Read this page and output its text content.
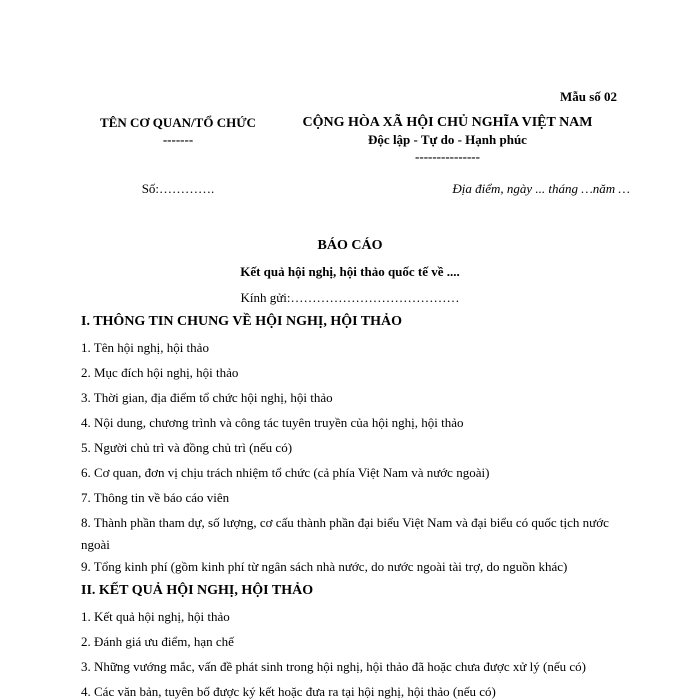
Mẫu số 02
TÊN CƠ QUAN/TỔ CHỨC
-------
CỘNG HÒA XÃ HỘI CHỦ NGHĨA VIỆT NAM
Độc lập - Tự do - Hạnh phúc
---------------
Số:………….	Địa điểm, ngày ... tháng …năm …
BÁO CÁO
Kết quả hội nghị, hội thảo quốc tế về ....
Kính gửi:…………………………………
I. THÔNG TIN CHUNG VỀ HỘI NGHỊ, HỘI THẢO
1. Tên hội nghị, hội thảo
2. Mục đích hội nghị, hội thảo
3. Thời gian, địa điểm tổ chức hội nghị, hội thảo
4. Nội dung, chương trình và công tác tuyên truyền của hội nghị, hội thảo
5. Người chủ trì và đồng chủ trì (nếu có)
6. Cơ quan, đơn vị chịu trách nhiệm tổ chức (cả phía Việt Nam và nước ngoài)
7. Thông tin về báo cáo viên
8. Thành phần tham dự, số lượng, cơ cấu thành phần đại biểu Việt Nam và đại biểu có quốc tịch nước ngoài
9. Tổng kinh phí (gồm kinh phí từ ngân sách nhà nước, do nước ngoài tài trợ, do nguồn khác)
II. KẾT QUẢ HỘI NGHỊ, HỘI THẢO
1. Kết quả hội nghị, hội thảo
2. Đánh giá ưu điểm, hạn chế
3. Những vướng mắc, vấn đề phát sinh trong hội nghị, hội thảo đã hoặc chưa được xử lý (nếu có)
4. Các văn bản, tuyên bố được ký kết hoặc đưa ra tại hội nghị, hội thảo (nếu có)
